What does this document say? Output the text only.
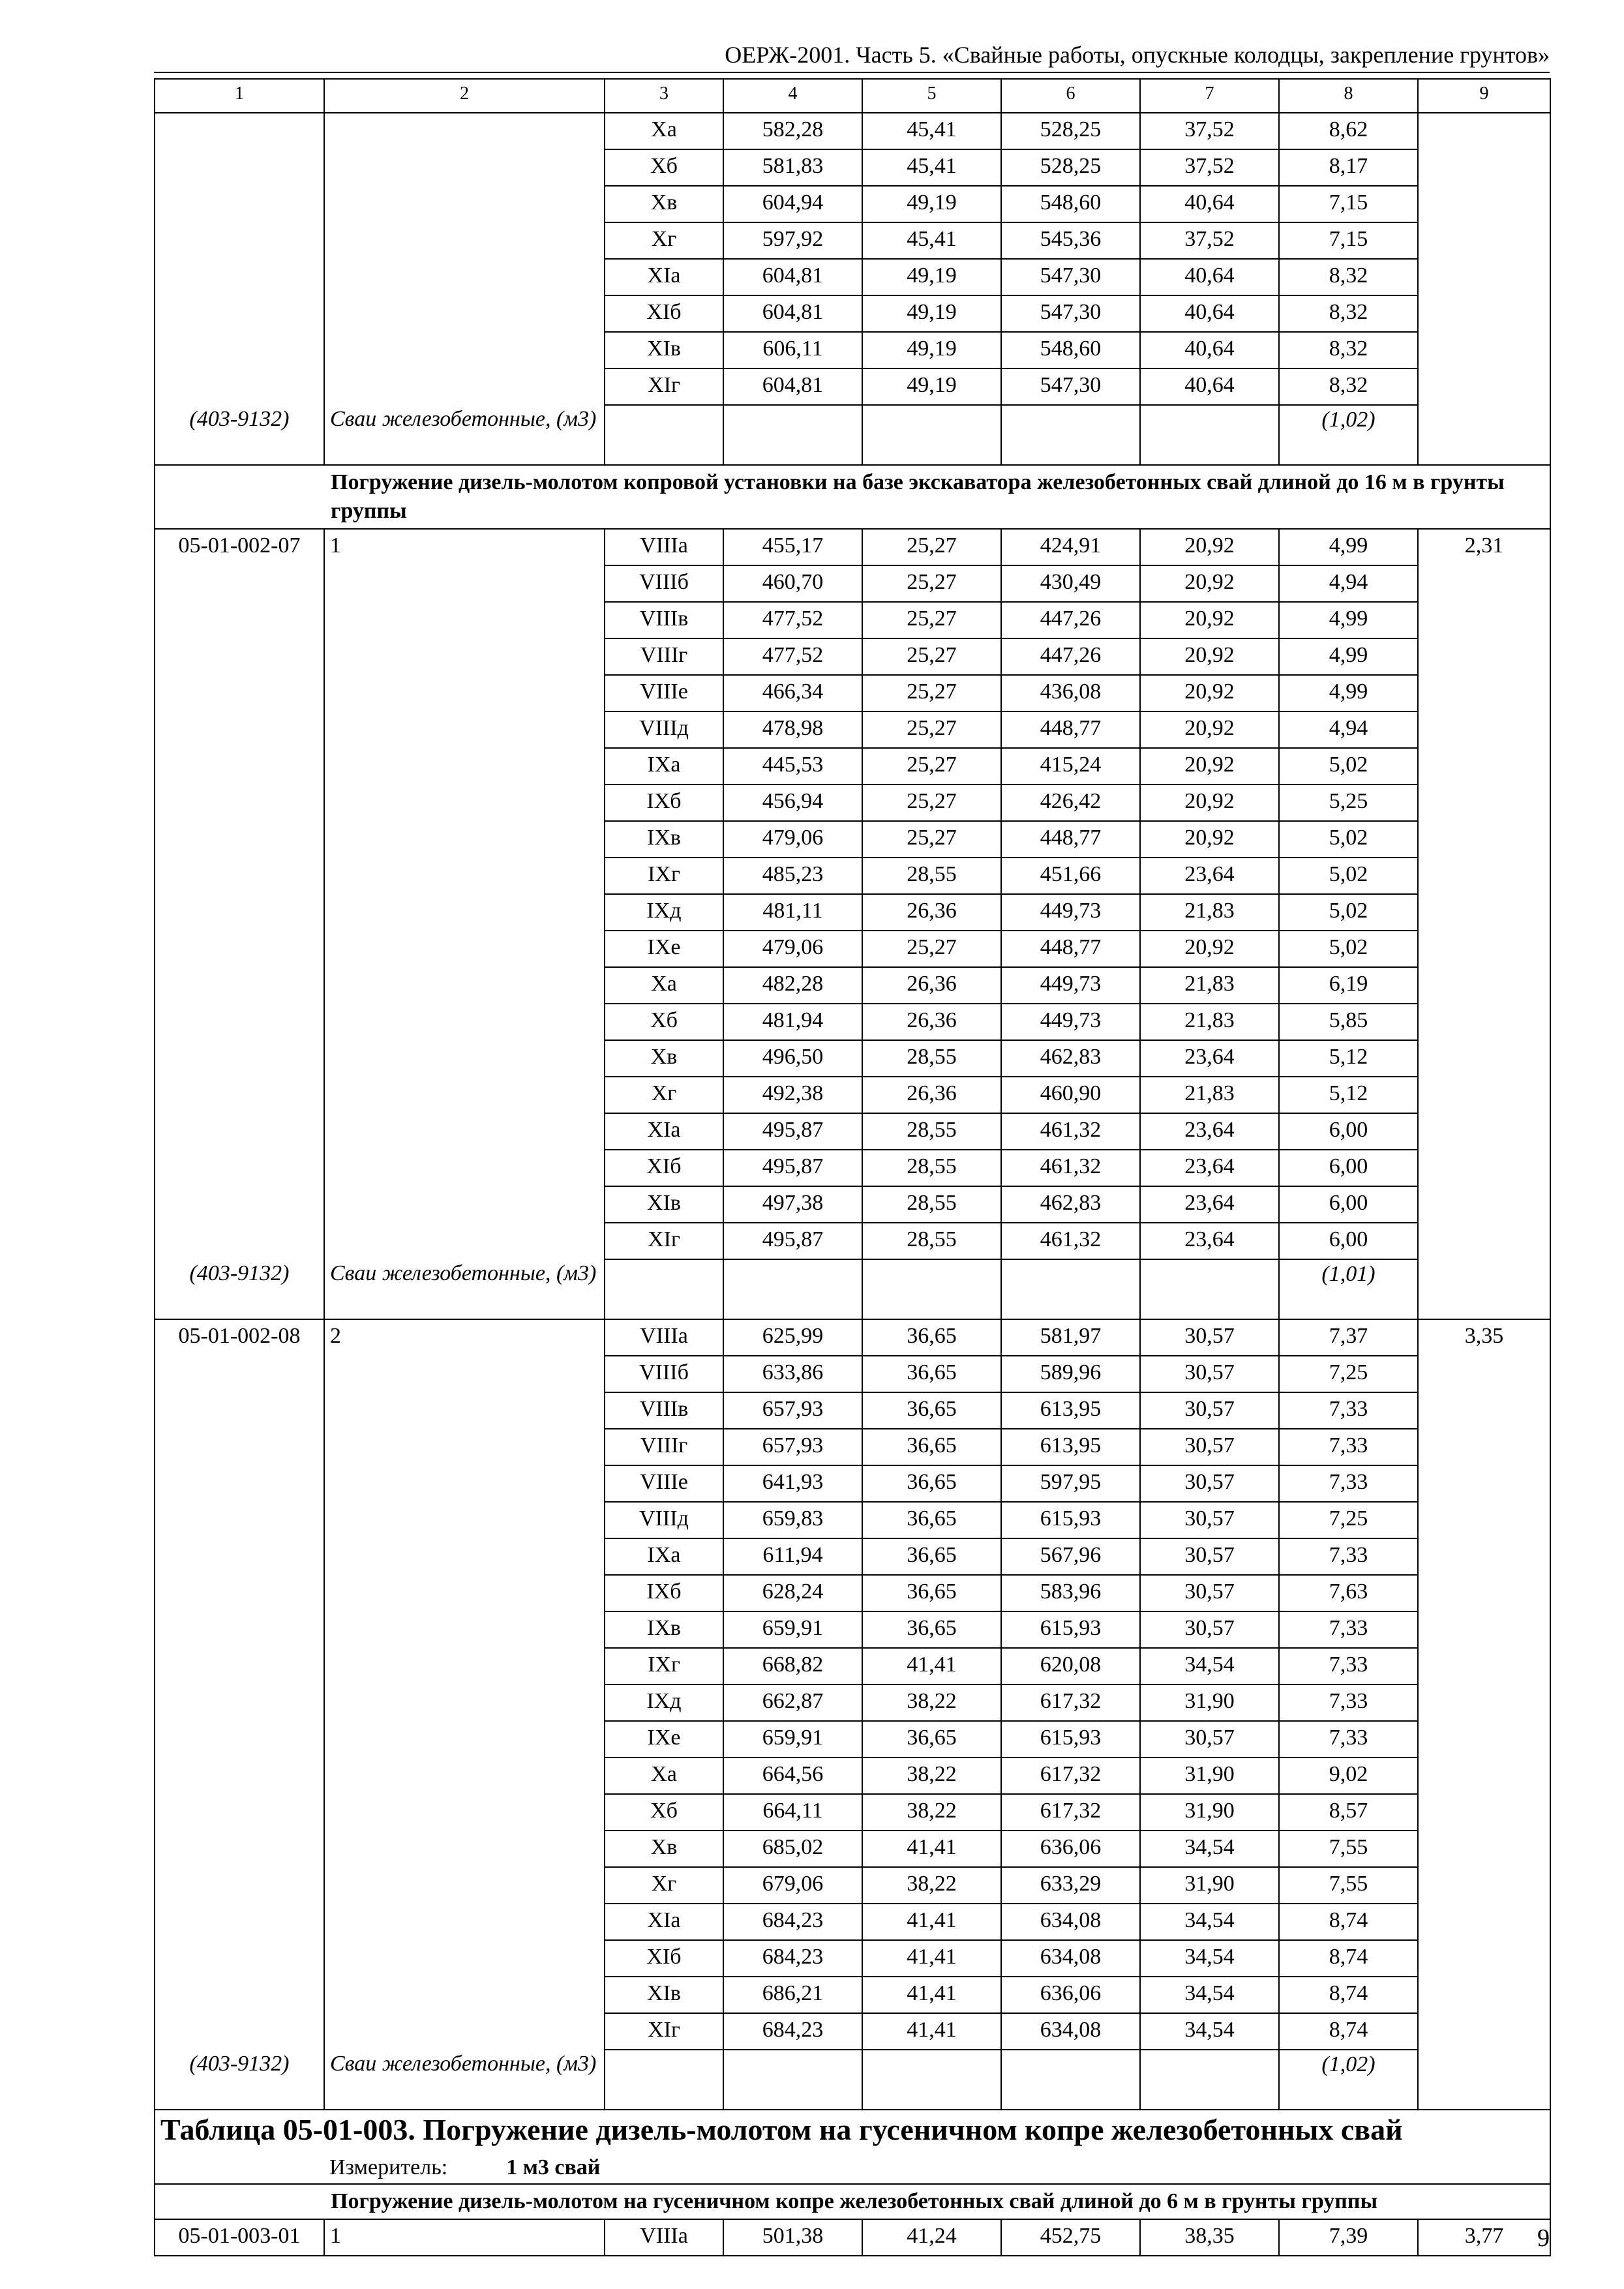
ОЕРЖ-2001. Часть 5. «Свайные работы, опускные колодцы, закрепление грунтов»
1	2	3	4	5	6	7	8	9
		Xа	582,28	45,41	528,25	37,52	8,62	
		Xб	581,83	45,41	528,25	37,52	8,17	
		Xв	604,94	49,19	548,60	40,64	7,15	
		Xг	597,92	45,41	545,36	37,52	7,15	
		XIа	604,81	49,19	547,30	40,64	8,32	
		XIб	604,81	49,19	547,30	40,64	8,32	
		XIв	606,11	49,19	548,60	40,64	8,32	
		XIг	604,81	49,19	547,30	40,64	8,32	
(403-9132)	Сваи железобетонные, (м3)						(1,02)	
	Погружение дизель-молотом копровой установки на базе экскаватора железобетонных свай длиной до 16 м в грунты группы							
05-01-002-07	1	VIIIа	455,17	25,27	424,91	20,92	4,99	2,31
		VIIIб	460,70	25,27	430,49	20,92	4,94	
		VIIIв	477,52	25,27	447,26	20,92	4,99	
		VIIIг	477,52	25,27	447,26	20,92	4,99	
		VIIIе	466,34	25,27	436,08	20,92	4,99	
		VIIIд	478,98	25,27	448,77	20,92	4,94	
		IXа	445,53	25,27	415,24	20,92	5,02	
		IXб	456,94	25,27	426,42	20,92	5,25	
		IXв	479,06	25,27	448,77	20,92	5,02	
		IXг	485,23	28,55	451,66	23,64	5,02	
		IXд	481,11	26,36	449,73	21,83	5,02	
		IXе	479,06	25,27	448,77	20,92	5,02	
		Xа	482,28	26,36	449,73	21,83	6,19	
		Xб	481,94	26,36	449,73	21,83	5,85	
		Xв	496,50	28,55	462,83	23,64	5,12	
		Xг	492,38	26,36	460,90	21,83	5,12	
		XIа	495,87	28,55	461,32	23,64	6,00	
		XIб	495,87	28,55	461,32	23,64	6,00	
		XIв	497,38	28,55	462,83	23,64	6,00	
		XIг	495,87	28,55	461,32	23,64	6,00	
(403-9132)	Сваи железобетонные, (м3)						(1,01)	
05-01-002-08	2	VIIIа	625,99	36,65	581,97	30,57	7,37	3,35
		VIIIб	633,86	36,65	589,96	30,57	7,25	
		VIIIв	657,93	36,65	613,95	30,57	7,33	
		VIIIг	657,93	36,65	613,95	30,57	7,33	
		VIIIе	641,93	36,65	597,95	30,57	7,33	
		VIIIд	659,83	36,65	615,93	30,57	7,25	
		IXа	611,94	36,65	567,96	30,57	7,33	
		IXб	628,24	36,65	583,96	30,57	7,63	
		IXв	659,91	36,65	615,93	30,57	7,33	
		IXг	668,82	41,41	620,08	34,54	7,33	
		IXд	662,87	38,22	617,32	31,90	7,33	
		IXе	659,91	36,65	615,93	30,57	7,33	
		Xа	664,56	38,22	617,32	31,90	9,02	
		Xб	664,11	38,22	617,32	31,90	8,57	
		Xв	685,02	41,41	636,06	34,54	7,55	
		Xг	679,06	38,22	633,29	31,90	7,55	
		XIа	684,23	41,41	634,08	34,54	8,74	
		XIб	684,23	41,41	634,08	34,54	8,74	
		XIв	686,21	41,41	636,06	34,54	8,74	
		XIг	684,23	41,41	634,08	34,54	8,74	
(403-9132)	Сваи железобетонные, (м3)						(1,02)	
Таблица 05-01-003. Погружение дизель-молотом на гусеничном копре железобетонных свай								
	Измеритель: 1 м3 свай							
	Погружение дизель-молотом на гусеничном копре железобетонных свай длиной до 6 м в грунты группы							
05-01-003-01	1	VIIIа	501,38	41,24	452,75	38,35	7,39	3,77	9
